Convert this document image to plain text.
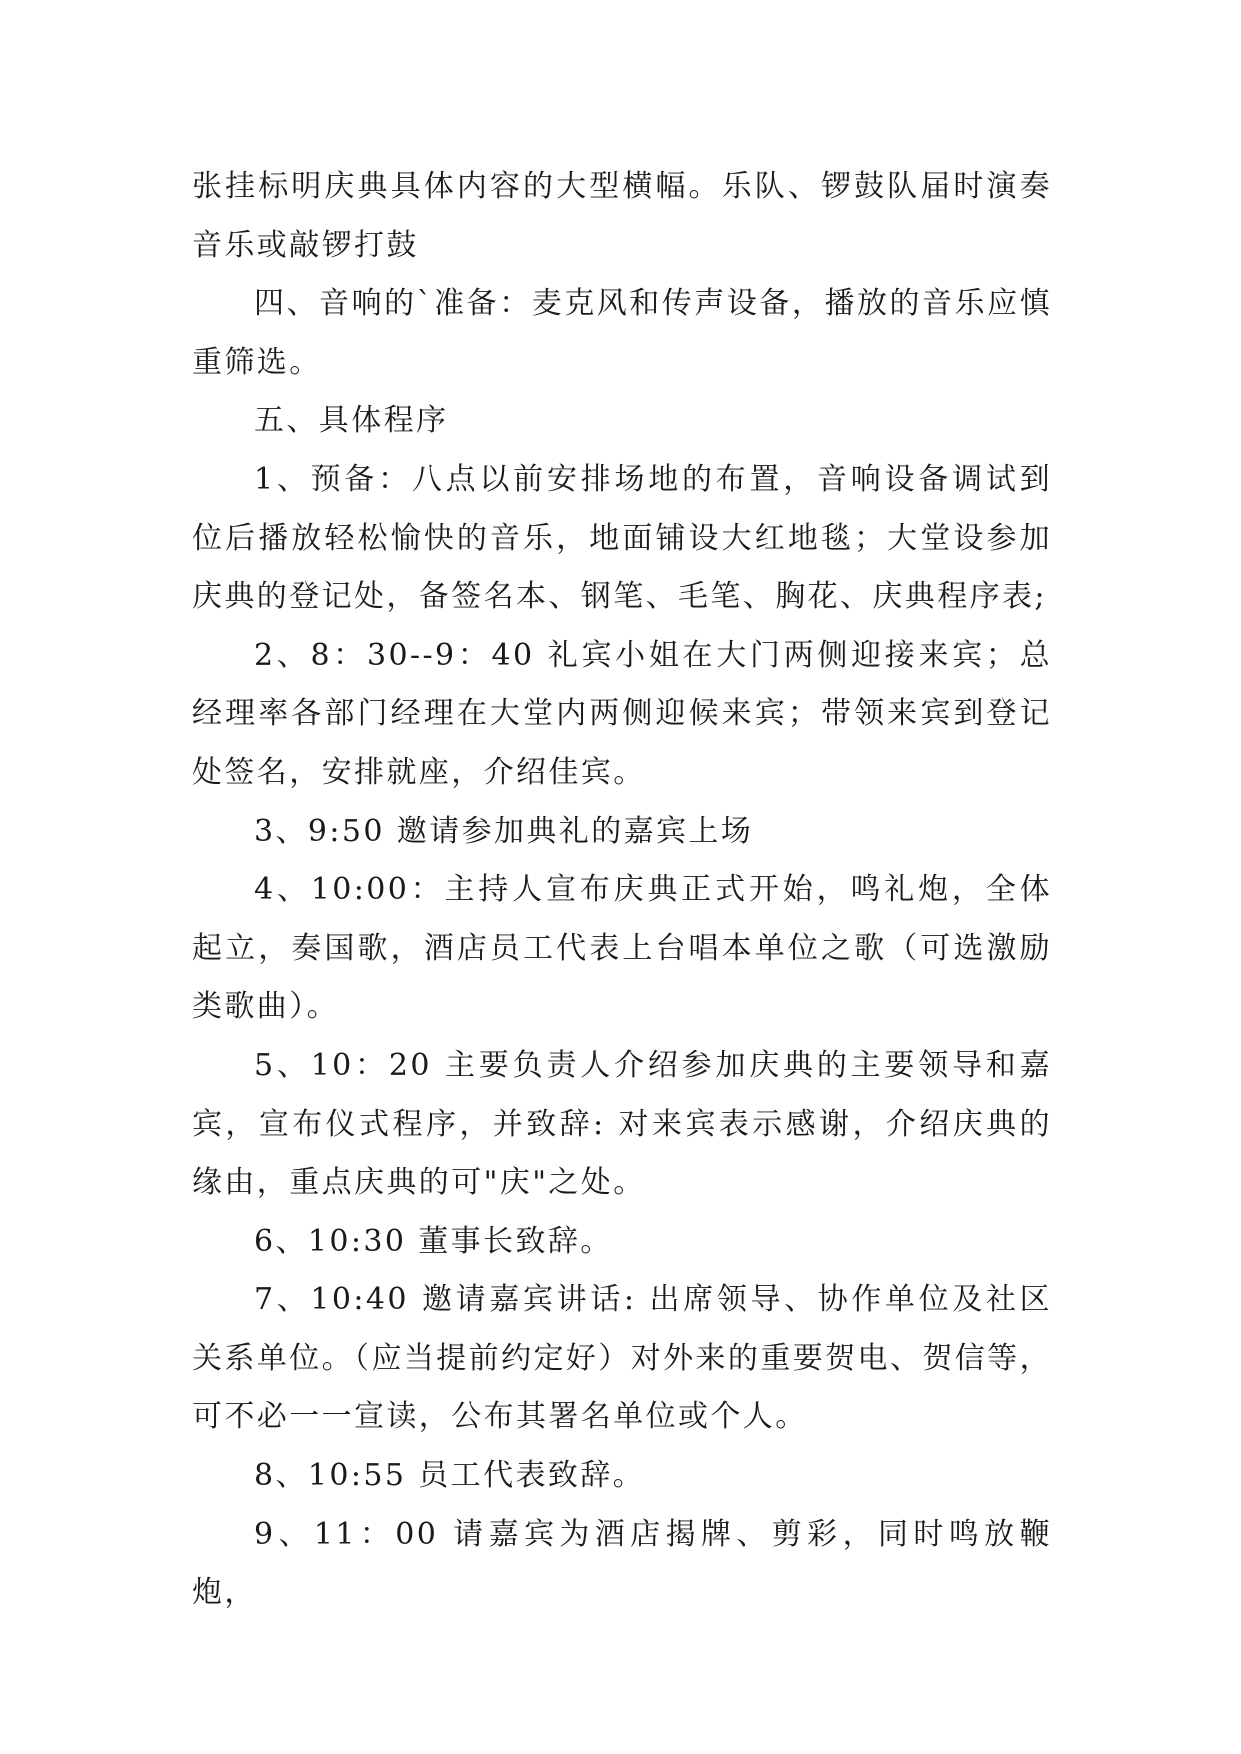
张挂标明庆典具体内容的大型横幅。乐队、锣鼓队届时演奏音乐或敲锣打鼓

四、音响的`准备：麦克风和传声设备，播放的音乐应慎重筛选。

五、具体程序

1、预备：八点以前安排场地的布置，音响设备调试到位后播放轻松愉快的音乐，地面铺设大红地毯；大堂设参加庆典的登记处，备签名本、钢笔、毛笔、胸花、庆典程序表;

2、8：30--9：40 礼宾小姐在大门两侧迎接来宾；总经理率各部门经理在大堂内两侧迎候来宾；带领来宾到登记处签名，安排就座，介绍佳宾。

3、9:50 邀请参加典礼的嘉宾上场

4、10:00：主持人宣布庆典正式开始，鸣礼炮，全体起立，奏国歌，酒店员工代表上台唱本单位之歌（可选激励类歌曲）。

5、10：20 主要负责人介绍参加庆典的主要领导和嘉宾，宣布仪式程序，并致辞: 对来宾表示感谢，介绍庆典的缘由，重点庆典的可"庆"之处。

6、10:30 董事长致辞。

7、10:40 邀请嘉宾讲话: 出席领导、协作单位及社区关系单位。（应当提前约定好）对外来的重要贺电、贺信等，可不必一一宣读，公布其署名单位或个人。

8、10:55 员工代表致辞。

9、11：00 请嘉宾为酒店揭牌、剪彩，同时鸣放鞭炮，
